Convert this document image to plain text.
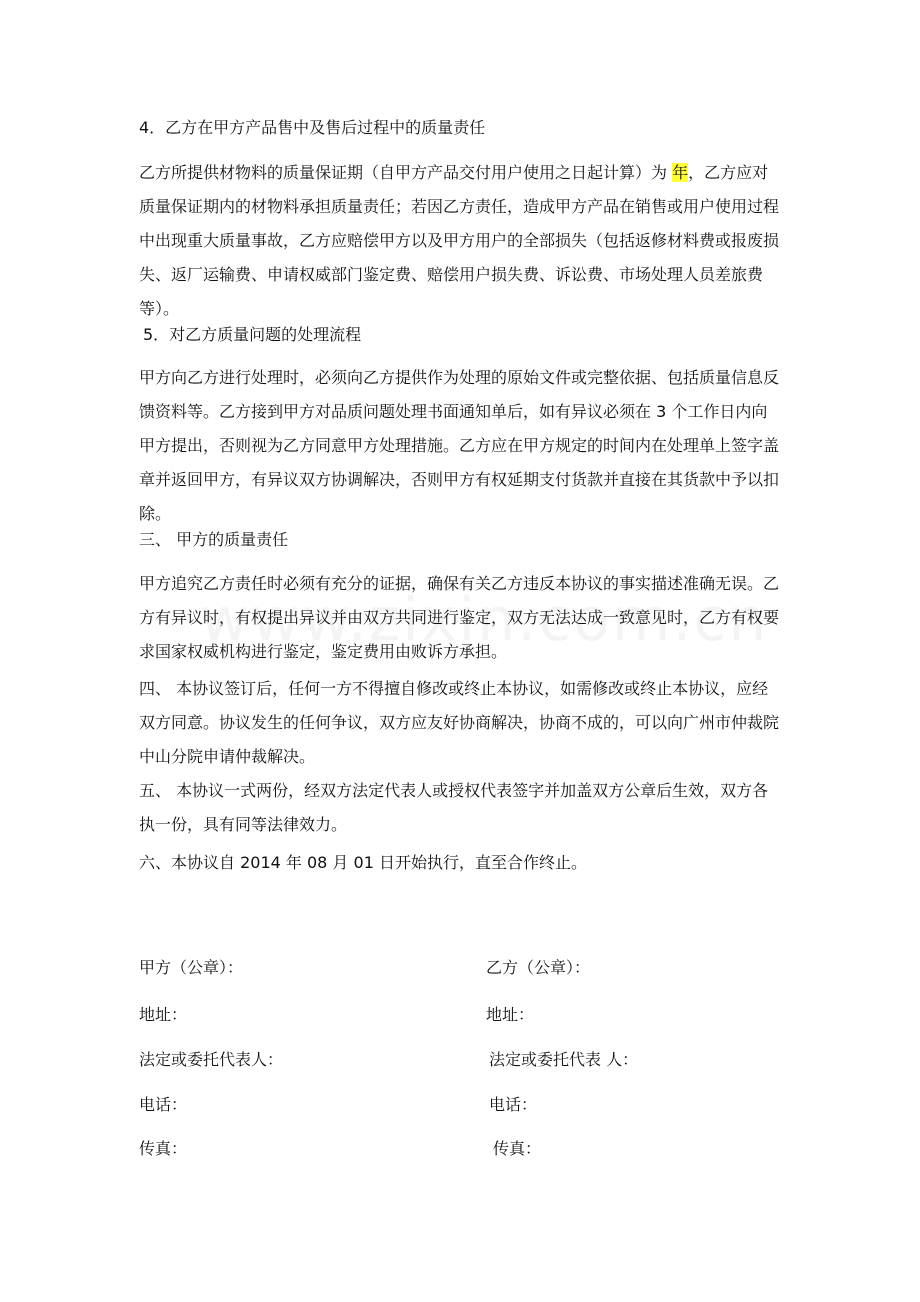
4．乙方在甲方产品售中及售后过程中的质量责任

乙方所提供材物料的质量保证期（自甲方产品交付用户使用之日起计算）为 年，乙方应对质量保证期内的材物料承担质量责任；若因乙方责任，造成甲方产品在销售或用户使用过程中出现重大质量事故，乙方应赔偿甲方以及甲方用户的全部损失（包括返修材料费或报废损失、返厂运输费、申请权威部门鉴定费、赔偿用户损失费、诉讼费、市场处理人员差旅费等）。

5．对乙方质量问题的处理流程

甲方向乙方进行处理时，必须向乙方提供作为处理的原始文件或完整依据、包括质量信息反馈资料等。乙方接到甲方对品质问题处理书面通知单后，如有异议必须在 3 个工作日内向甲方提出，否则视为乙方同意甲方处理措施。乙方应在甲方规定的时间内在处理单上签字盖章并返回甲方，有异议双方协调解决，否则甲方有权延期支付货款并直接在其货款中予以扣除。

三、 甲方的质量责任

甲方追究乙方责任时必须有充分的证据，确保有关乙方违反本协议的事实描述准确无误。乙方有异议时，有权提出异议并由双方共同进行鉴定，双方无法达成一致意见时，乙方有权要求国家权威机构进行鉴定，鉴定费用由败诉方承担。

四、 本协议签订后，任何一方不得擅自修改或终止本协议，如需修改或终止本协议，应经双方同意。协议发生的任何争议，双方应友好协商解决，协商不成的，可以向广州市仲裁院中山分院申请仲裁解决。

五、 本协议一式两份，经双方法定代表人或授权代表签字并加盖双方公章后生效，双方各执一份，具有同等法律效力。

六、本协议自 2014 年 08 月 01 日开始执行，直至合作终止。

甲方（公章）：
地址：
法定或委托代表人：
电话：
传真：
乙方（公章）：
地址：
法定或委托代表 人：
电话：
传真：
